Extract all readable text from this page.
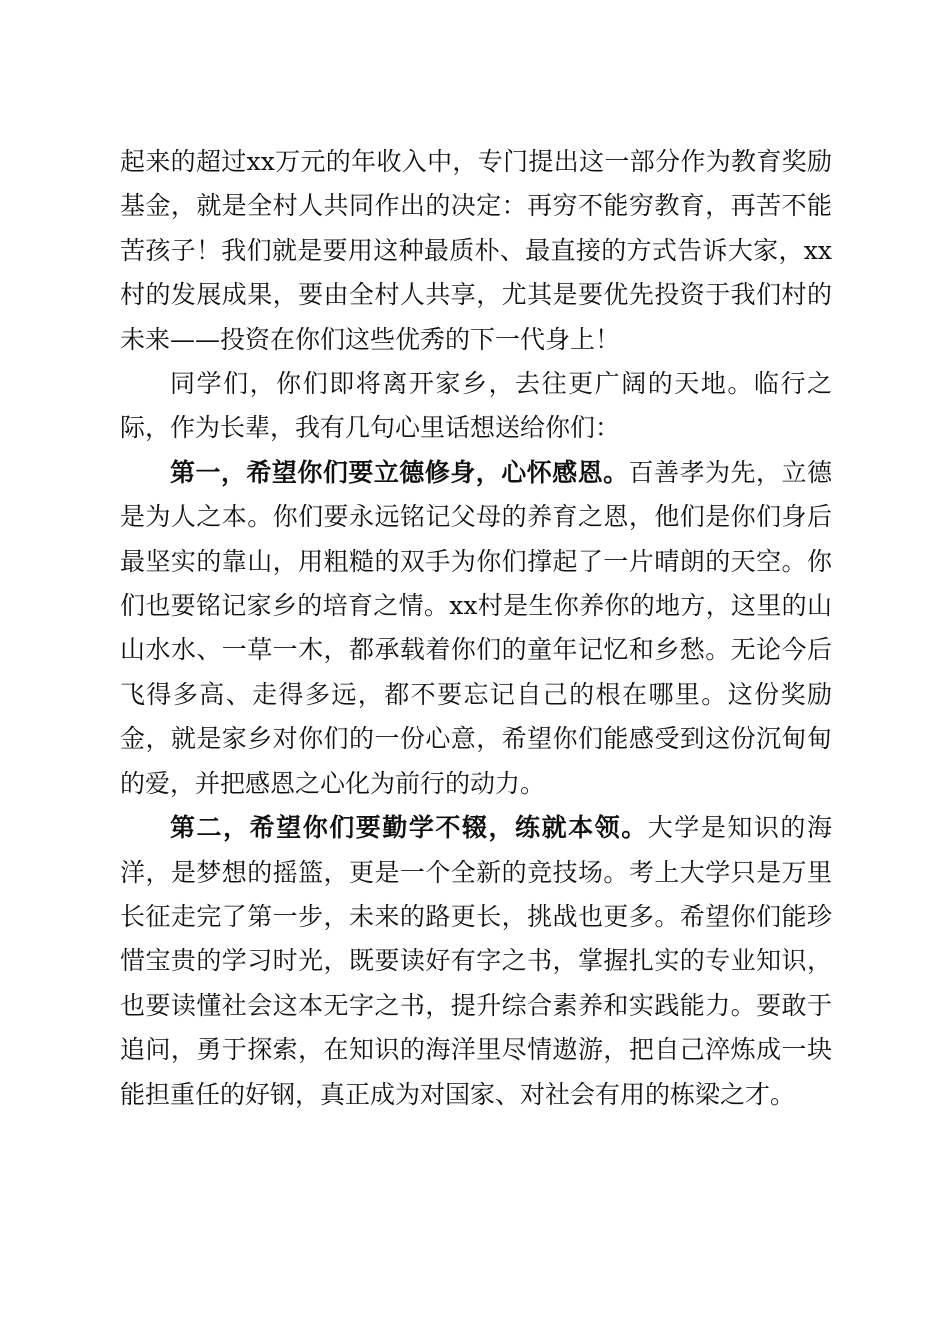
起来的超过xx万元的年收入中，专门提出这一部分作为教育奖励基金，就是全村人共同作出的决定：再穷不能穷教育，再苦不能苦孩子！我们就是要用这种最质朴、最直接的方式告诉大家，xx村的发展成果，要由全村人共享，尤其是要优先投资于我们村的未来——投资在你们这些优秀的下一代身上！

同学们，你们即将离开家乡，去往更广阔的天地。临行之际，作为长辈，我有几句心里话想送给你们：

第一，希望你们要立德修身，心怀感恩。百善孝为先，立德是为人之本。你们要永远铭记父母的养育之恩，他们是你们身后最坚实的靠山，用粗糙的双手为你们撑起了一片晴朗的天空。你们也要铭记家乡的培育之情。xx村是生你养你的地方，这里的山山水水、一草一木，都承载着你们的童年记忆和乡愁。无论今后飞得多高、走得多远，都不要忘记自己的根在哪里。这份奖励金，就是家乡对你们的一份心意，希望你们能感受到这份沉甸甸的爱，并把感恩之心化为前行的动力。

第二，希望你们要勤学不辍，练就本领。大学是知识的海洋，是梦想的摇篮，更是一个全新的竞技场。考上大学只是万里长征走完了第一步，未来的路更长，挑战也更多。希望你们能珍惜宝贵的学习时光，既要读好有字之书，掌握扎实的专业知识，也要读懂社会这本无字之书，提升综合素养和实践能力。要敢于追问，勇于探索，在知识的海洋里尽情遨游，把自己淬炼成一块能担重任的好钢，真正成为对国家、对社会有用的栋梁之才。
